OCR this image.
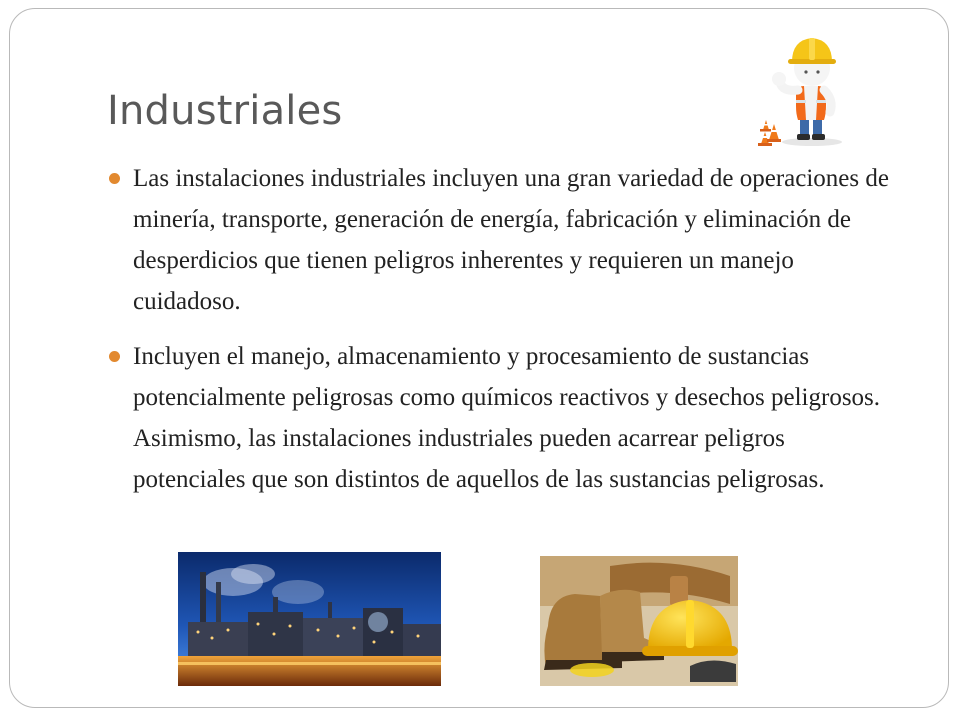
Industriales
Las instalaciones industriales incluyen una gran variedad de operaciones de minería, transporte, generación de energía, fabricación y eliminación de desperdicios que tienen peligros inherentes y requieren un manejo cuidadoso.
Incluyen el manejo, almacenamiento y procesamiento de sustancias potencialmente peligrosas como químicos reactivos y desechos peligrosos. Asimismo, las instalaciones industriales pueden acarrear peligros potenciales que son distintos de aquellos de las sustancias peligrosas.
